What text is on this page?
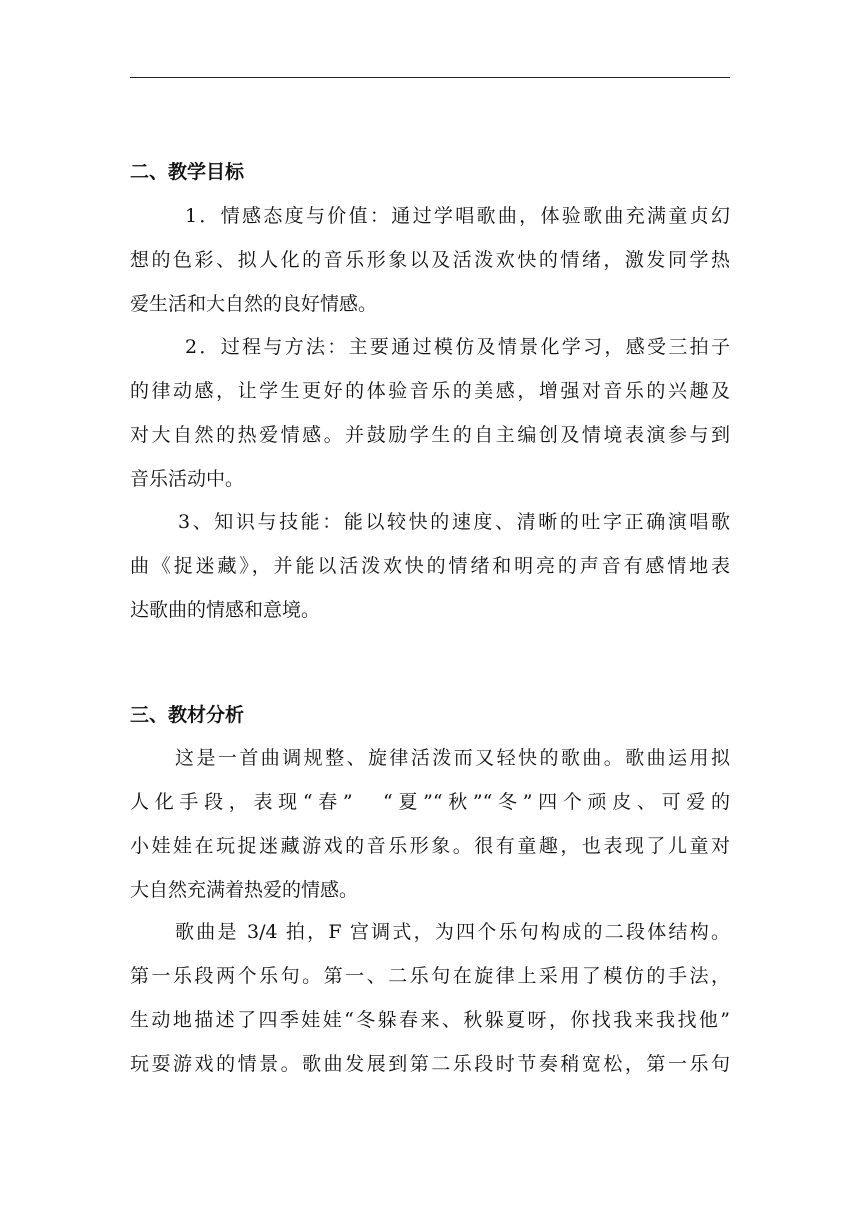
二、教学目标
1．情感态度与价值：通过学唱歌曲，体验歌曲充满童贞幻
想的色彩、拟人化的音乐形象以及活泼欢快的情绪，激发同学热
爱生活和大自然的良好情感。
2．过程与方法：主要通过模仿及情景化学习，感受三拍子
的律动感，让学生更好的体验音乐的美感，增强对音乐的兴趣及
对大自然的热爱情感。并鼓励学生的自主编创及情境表演参与到
音乐活动中。
3、知识与技能：能以较快的速度、清晰的吐字正确演唱歌
曲《捉迷藏》，并能以活泼欢快的情绪和明亮的声音有感情地表
达歌曲的情感和意境。
三、教材分析
这是一首曲调规整、旋律活泼而又轻快的歌曲。歌曲运用拟
人化手段，表现“春”　“夏”“秋”“冬”四个顽皮、可爱的
小娃娃在玩捉迷藏游戏的音乐形象。很有童趣，也表现了儿童对
大自然充满着热爱的情感。
歌曲是 3/4 拍，F 宫调式，为四个乐句构成的二段体结构。
第一乐段两个乐句。第一、二乐句在旋律上采用了模仿的手法，
生动地描述了四季娃娃“冬躲春来、秋躲夏呀，你找我来我找他”
玩耍游戏的情景。歌曲发展到第二乐段时节奏稍宽松，第一乐句
